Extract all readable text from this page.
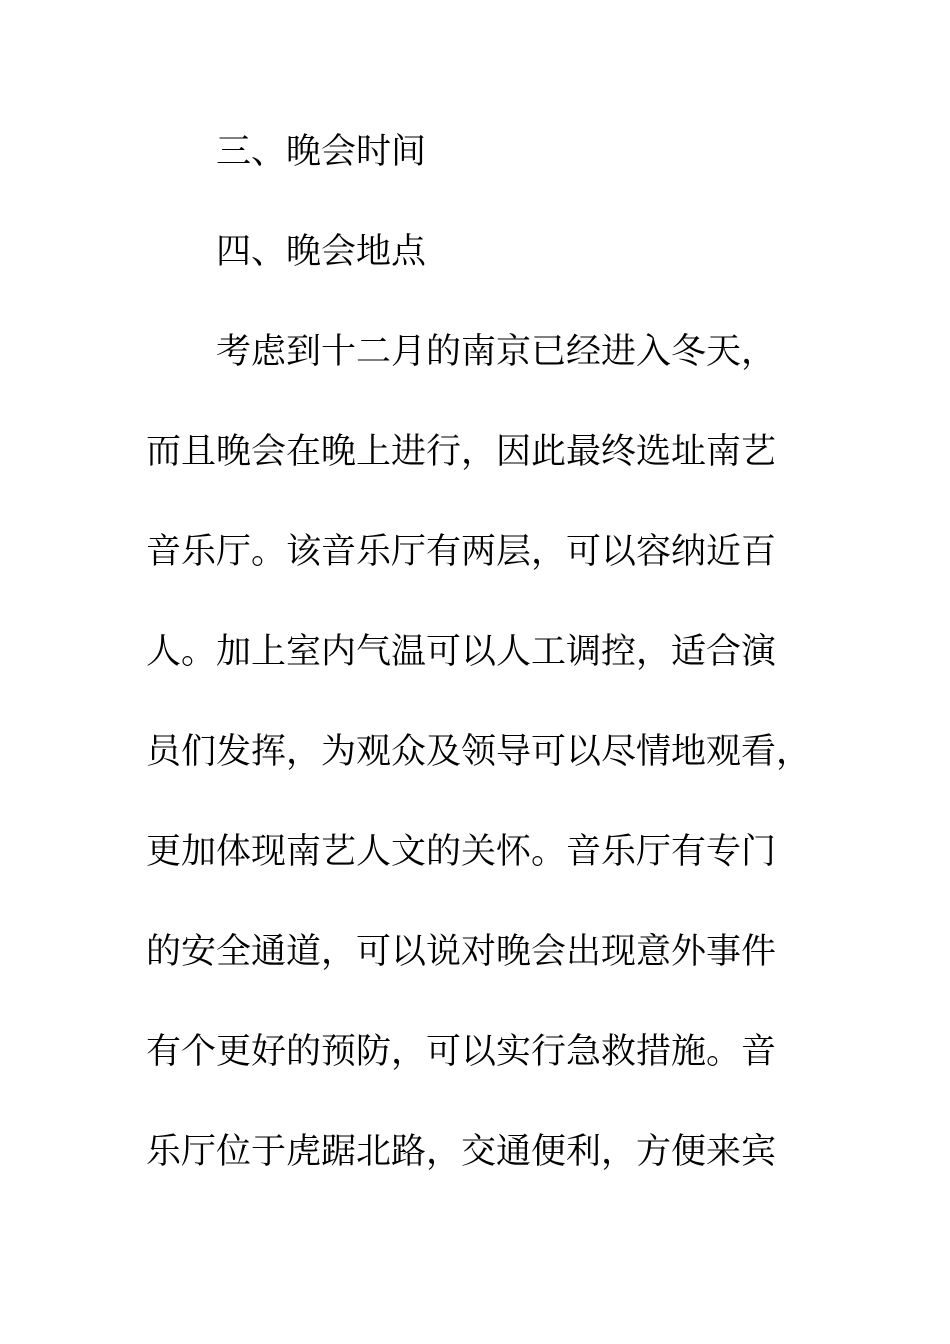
三、晚会时间
四、晚会地点
考虑到十二月的南京已经进入冬天，
而且晚会在晚上进行，因此最终选址南艺
音乐厅。该音乐厅有两层，可以容纳近百
人。加上室内气温可以人工调控，适合演
员们发挥，为观众及领导可以尽情地观看，
更加体现南艺人文的关怀。音乐厅有专门
的安全通道，可以说对晚会出现意外事件
有个更好的预防，可以实行急救措施。音
乐厅位于虎踞北路，交通便利，方便来宾
